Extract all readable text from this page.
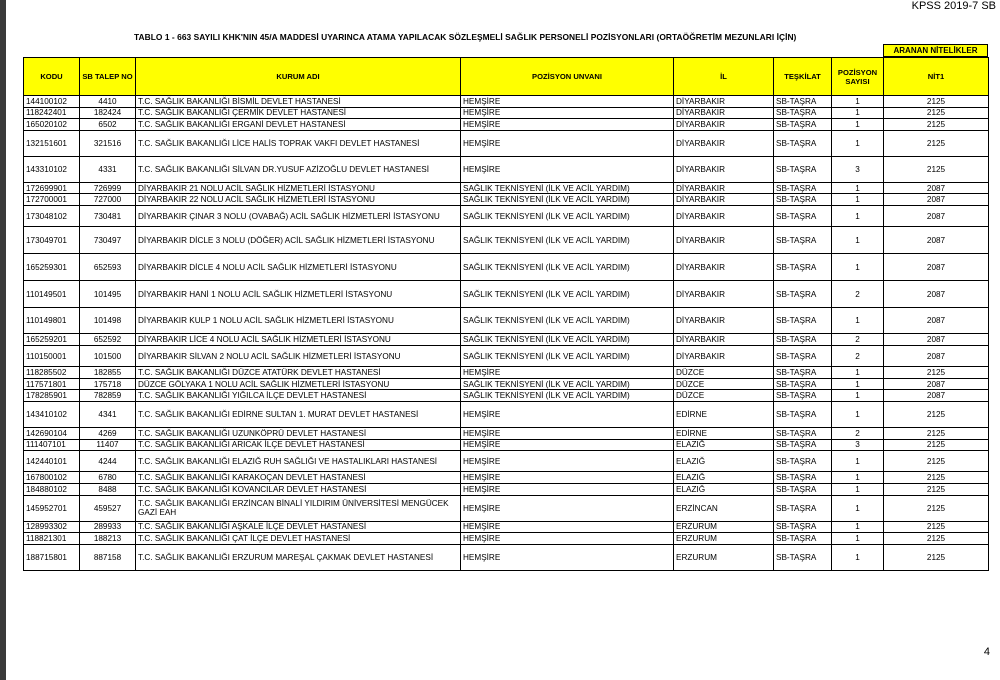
KPSS 2019-7 SB
TABLO 1 - 663 SAYILI KHK'NIN 45/A MADDESİ UYARINCA ATAMA YAPILACAK SÖZLEŞMELİ SAĞLIK PERSONELİ POZİSYONLARI (ORTAÖĞRETİM MEZUNLARI İÇİN)
ARANAN NİTELİKLER
KODU	SB TALEP NO	KURUM ADI	POZİSYON UNVANI	İL	TEŞKİLAT	POZİSYON SAYISI	NİT1
144100102	4410	T.C. SAĞLIK BAKANLIĞI BİSMİL DEVLET HASTANESİ	HEMŞİRE	DİYARBAKIR	SB-TAŞRA	1	2125
118242401	182424	T.C. SAĞLIK BAKANLIĞI ÇERMİK DEVLET HASTANESİ	HEMŞİRE	DİYARBAKIR	SB-TAŞRA	1	2125
165020102	6502	T.C. SAĞLIK BAKANLIĞI ERGANİ DEVLET HASTANESİ	HEMŞİRE	DİYARBAKIR	SB-TAŞRA	1	2125
132151601	321516	T.C. SAĞLIK BAKANLIĞI LİCE HALİS TOPRAK VAKFI DEVLET HASTANESİ	HEMŞİRE	DİYARBAKIR	SB-TAŞRA	1	2125
143310102	4331	T.C. SAĞLIK BAKANLIĞI SİLVAN DR.YUSUF AZİZOĞLU DEVLET HASTANESİ	HEMŞİRE	DİYARBAKIR	SB-TAŞRA	3	2125
172699901	726999	DİYARBAKIR 21 NOLU ACİL SAĞLIK HİZMETLERİ İSTASYONU	SAĞLIK TEKNİSYENİ (İLK VE ACİL YARDIM)	DİYARBAKIR	SB-TAŞRA	1	2087
172700001	727000	DİYARBAKIR 22 NOLU ACİL SAĞLIK HİZMETLERİ İSTASYONU	SAĞLIK TEKNİSYENİ (İLK VE ACİL YARDIM)	DİYARBAKIR	SB-TAŞRA	1	2087
173048102	730481	DİYARBAKIR ÇINAR 3 NOLU (OVABAĞ) ACİL SAĞLIK HİZMETLERİ İSTASYONU	SAĞLIK TEKNİSYENİ (İLK VE ACİL YARDIM)	DİYARBAKIR	SB-TAŞRA	1	2087
173049701	730497	DİYARBAKIR DİCLE 3 NOLU (DÖĞER) ACİL SAĞLIK HİZMETLERİ İSTASYONU	SAĞLIK TEKNİSYENİ (İLK VE ACİL YARDIM)	DİYARBAKIR	SB-TAŞRA	1	2087
165259301	652593	DİYARBAKIR DİCLE 4 NOLU ACİL SAĞLIK HİZMETLERİ İSTASYONU	SAĞLIK TEKNİSYENİ (İLK VE ACİL YARDIM)	DİYARBAKIR	SB-TAŞRA	1	2087
110149501	101495	DİYARBAKIR HANİ 1 NOLU ACİL SAĞLIK HİZMETLERİ İSTASYONU	SAĞLIK TEKNİSYENİ (İLK VE ACİL YARDIM)	DİYARBAKIR	SB-TAŞRA	2	2087
110149801	101498	DİYARBAKIR KULP 1 NOLU ACİL SAĞLIK HİZMETLERİ İSTASYONU	SAĞLIK TEKNİSYENİ (İLK VE ACİL YARDIM)	DİYARBAKIR	SB-TAŞRA	1	2087
165259201	652592	DİYARBAKIR LİCE 4 NOLU ACİL SAĞLIK HİZMETLERİ İSTASYONU	SAĞLIK TEKNİSYENİ (İLK VE ACİL YARDIM)	DİYARBAKIR	SB-TAŞRA	2	2087
110150001	101500	DİYARBAKIR SİLVAN 2 NOLU ACİL SAĞLIK HİZMETLERİ İSTASYONU	SAĞLIK TEKNİSYENİ (İLK VE ACİL YARDIM)	DİYARBAKIR	SB-TAŞRA	2	2087
118285502	182855	T.C. SAĞLIK BAKANLIĞI DÜZCE ATATÜRK DEVLET HASTANESİ	HEMŞİRE	DÜZCE	SB-TAŞRA	1	2125
117571801	175718	DÜZCE GÖLYAKA 1 NOLU ACİL SAĞLIK HİZMETLERİ İSTASYONU	SAĞLIK TEKNİSYENİ (İLK VE ACİL YARDIM)	DÜZCE	SB-TAŞRA	1	2087
178285901	782859	T.C. SAĞLIK BAKANLIĞI YIĞILCA İLÇE DEVLET HASTANESİ	SAĞLIK TEKNİSYENİ (İLK VE ACİL YARDIM)	DÜZCE	SB-TAŞRA	1	2087
143410102	4341	T.C. SAĞLIK BAKANLIĞI EDİRNE SULTAN 1. MURAT DEVLET HASTANESİ	HEMŞİRE	EDİRNE	SB-TAŞRA	1	2125
142690104	4269	T.C. SAĞLIK BAKANLIĞI UZUNKÖPRÜ DEVLET HASTANESİ	HEMŞİRE	EDİRNE	SB-TAŞRA	2	2125
111407101	11407	T.C. SAĞLIK BAKANLIĞI ARICAK İLÇE DEVLET HASTANESİ	HEMŞİRE	ELAZIĞ	SB-TAŞRA	3	2125
142440101	4244	T.C. SAĞLIK BAKANLIĞI ELAZIĞ RUH SAĞLIĞI VE HASTALIKLARI HASTANESİ	HEMŞİRE	ELAZIĞ	SB-TAŞRA	1	2125
167800102	6780	T.C. SAĞLIK BAKANLIĞI KARAKOÇAN DEVLET HASTANESİ	HEMŞİRE	ELAZIĞ	SB-TAŞRA	1	2125
184880102	8488	T.C. SAĞLIK BAKANLIĞI KOVANCILAR DEVLET HASTANESİ	HEMŞİRE	ELAZIĞ	SB-TAŞRA	1	2125
145952701	459527	T.C. SAĞLIK BAKANLIĞI ERZİNCAN BİNALİ YILDIRIM ÜNİVERSİTESİ MENGÜCEK GAZİ EAH	HEMŞİRE	ERZİNCAN	SB-TAŞRA	1	2125
128993302	289933	T.C. SAĞLIK BAKANLIĞI AŞKALE İLÇE DEVLET HASTANESİ	HEMŞİRE	ERZURUM	SB-TAŞRA	1	2125
118821301	188213	T.C. SAĞLIK BAKANLIĞI ÇAT İLÇE DEVLET HASTANESİ	HEMŞİRE	ERZURUM	SB-TAŞRA	1	2125
188715801	887158	T.C. SAĞLIK BAKANLIĞI ERZURUM MAREŞAL ÇAKMAK DEVLET HASTANESİ	HEMŞİRE	ERZURUM	SB-TAŞRA	1	2125
4
